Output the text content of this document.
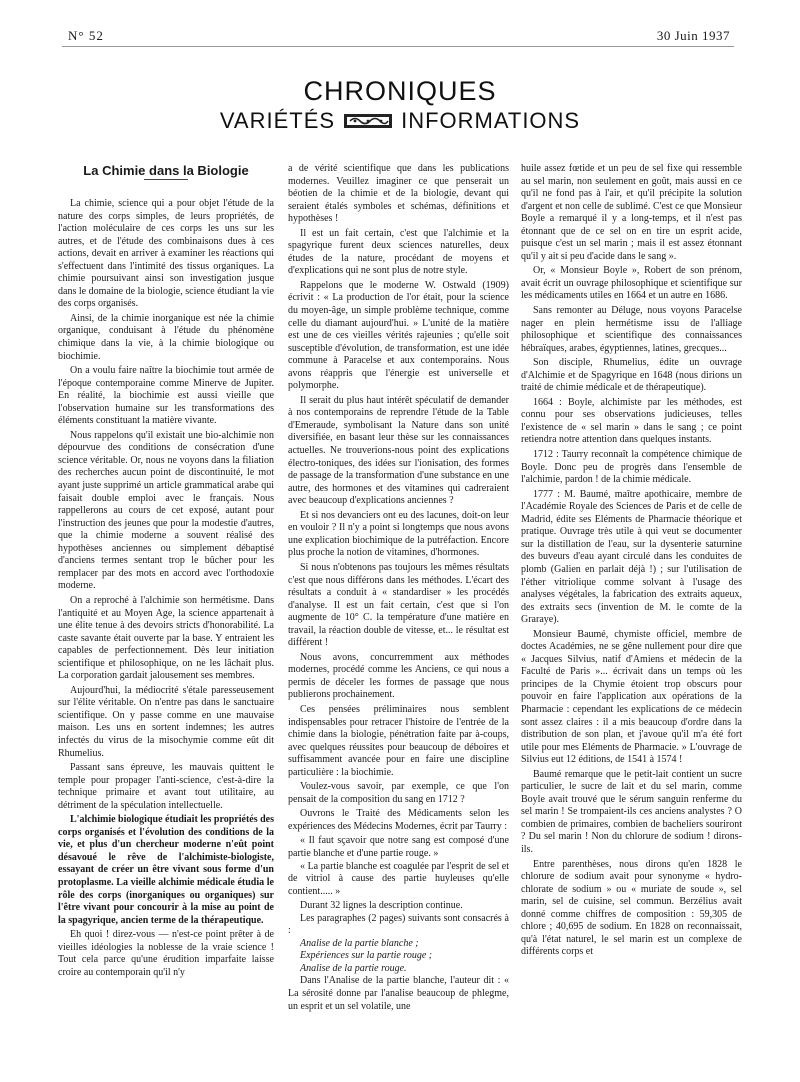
N° 52	30 Juin 1937
CHRONIQUES
VARIÉTÉS	INFORMATIONS

La Chimie dans la Biologie

La chimie, science qui a pour objet l'étude de la nature des corps simples, de leurs propriétés, de l'action moléculaire de ces corps les uns sur les autres, et de l'étude des combinaisons dues à ces actions, devait en arriver à examiner les réactions qui s'effectuent dans l'intimité des tissus organiques. La chimie poursuivant ainsi son investigation jusque dans le domaine de la biologie, science étudiant la vie des corps organisés.

Ainsi, de la chimie inorganique est née la chimie organique, conduisant à l'étude du phénomène chimique dans la vie, à la chimie biologique ou biochimie.

On a voulu faire naître la biochimie tout armée de l'époque contemporaine comme Minerve de Jupiter. En réalité, la biochimie est aussi vieille que l'observation humaine sur les transformations des éléments constituant la matière vivante.

Nous rappelons qu'il existait une bio-alchimie non dépourvue des conditions de consécration d'une science véritable. Or, nous ne voyons dans la filiation des recherches aucun point de discontinuité, le mot ayant juste supprimé un article grammatical arabe qui faisait double emploi avec le français. Nous rappellerons au cours de cet exposé, autant pour l'instruction des jeunes que pour la modestie d'autres, que la chimie moderne a souvent réalisé des hypothèses anciennes ou simplement débaptisé d'anciens termes sentant trop le bûcher pour les remplacer par des mots en accord avec l'orthodoxie moderne.

On a reproché à l'alchimie son hermétisme. Dans l'antiquité et au Moyen Age, la science appartenait à une élite tenue à des devoirs stricts d'honorabilité. La caste savante était ouverte par la base. Y entraient les capables de perfectionnement. Dès leur initiation scientifique et philosophique, on ne les lâchait plus. La corporation gardait jalousement ses membres.

Aujourd'hui, la médiocrité s'étale paresseusement sur l'élite véritable. On n'entre pas dans le sanctuaire scientifique. On y passe comme en une mauvaise maison. Les uns en sortent indemnes; les autres infectés du virus de la misochymie comme eût dit Rhumelius.

Passant sans épreuve, les mauvais quittent le temple pour propager l'anti-science, c'est-à-dire la technique primaire et avant tout utilitaire, au détriment de la spéculation intellectuelle.

L'alchimie biologique étudiait les propriétés des corps organisés et l'évolution des conditions de la vie, et plus d'un chercheur moderne n'eût point désavoué le rêve de l'alchimiste-biologiste, essayant de créer un être vivant sous forme d'un protoplasme. La vieille alchimie médicale étudia le rôle des corps (inorganiques ou organiques) sur l'être vivant pour concourir à la mise au point de la spagyrique, ancien terme de la thérapeutique.

Eh quoi ! direz-vous — n'est-ce point prêter à de vieilles idéologies la noblesse de la vraie science ! Tout cela parce qu'une érudition imparfaite laisse croire au contemporain qu'il n'y

a de vérité scientifique que dans les publications modernes. Veuillez imaginer ce que penserait un béotien de la chimie et de la biologie, devant qui seraient étalés symboles et schémas, définitions et hypothèses !

Il est un fait certain, c'est que l'alchimie et la spagyrique furent deux sciences naturelles, deux études de la nature, procédant de moyens et d'explications qui ne sont plus de notre style.

Rappelons que le moderne W. Ostwald (1909) écrivit : « La production de l'or était, pour la science du moyen-âge, un simple problème technique, comme celle du diamant aujourd'hui. » L'unité de la matière est une de ces vieilles vérités rajeunies ; qu'elle soit susceptible d'évolution, de transformation, est une idée commune à Paracelse et aux contemporains. Nous avons réappris que l'énergie est universelle et polymorphe.

Il serait du plus haut intérêt spéculatif de demander à nos contemporains de reprendre l'étude de la Table d'Emeraude, symbolisant la Nature dans son unité diversifiée, en basant leur thèse sur les connaissances actuelles. Ne trouverions-nous point des explications électro-toniques, des idées sur l'ionisation, des formes de passage de la transformation d'une substance en une autre, des hormones et des vitamines qui cadreraient avec beaucoup d'explications anciennes ?

Et si nos devanciers ont eu des lacunes, doit-on leur en vouloir ? Il n'y a point si longtemps que nous avons une explication biochimique de la putréfaction. Encore plus proche la notion de vitamines, d'hormones.

Si nous n'obtenons pas toujours les mêmes résultats c'est que nous différons dans les méthodes. L'écart des résultats a conduit à « standardiser » les procédés d'analyse. Il est un fait certain, c'est que si l'on augmente de 10° C. la température d'une matière en travail, la réaction double de vitesse, et... le résultat est différent !

Nous avons, concurremment aux méthodes modernes, procédé comme les Anciens, ce qui nous a permis de déceler les formes de passage que nous publierons prochainement.

Ces pensées préliminaires nous semblent indispensables pour retracer l'histoire de l'entrée de la chimie dans la biologie, pénétration faite par à-coups, avec quelques réussites pour beaucoup de déboires et suffisamment avancée pour en faire une discipline particulière : la biochimie.

Voulez-vous savoir, par exemple, ce que l'on pensait de la composition du sang en 1712 ?

Ouvrons le Traité des Médicaments selon les expériences des Médecins Modernes, écrit par Taurry :

« Il faut sçavoir que notre sang est composé d'une partie blanche et d'une partie rouge. »

« La partie blanche est coagulée par l'esprit de sel et de vitriol à cause des partie huyleuses qu'elle contient..... »

Durant 32 lignes la description continue.

Les paragraphes (2 pages) suivants sont consacrés à :

Analise de la partie blanche ;

Expériences sur la partie rouge ;

Analise de la partie rouge.

Dans l'Analise de la partie blanche, l'auteur dit : « La sérosité donne par l'analise beaucoup de phlegme, un esprit et un sel volatile, une

huile assez fœtide et un peu de sel fixe qui ressemble au sel marin, non seulement en goût, mais aussi en ce qu'il ne fond pas à l'air, et qu'il précipite la solution d'argent et non celle de sublimé. C'est ce que Monsieur Boyle a remarqué il y a long-temps, et il n'est pas étonnant que de ce sel on en tire un esprit acide, puisque c'est un sel marin ; mais il est assez étonnant qu'il y ait si peu d'acide dans le sang ».

Or, « Monsieur Boyle », Robert de son prénom, avait écrit un ouvrage philosophique et scientifique sur les médicaments utiles en 1664 et un autre en 1686.

Sans remonter au Déluge, nous voyons Paracelse nager en plein hermétisme issu de l'alliage philosophique et scientifique des connaissances hébraïques, arabes, égyptiennes, latines, grecques...

Son disciple, Rhumelius, édite un ouvrage d'Alchimie et de Spagyrique en 1648 (nous dirions un traité de chimie médicale et de thérapeutique).

1664 : Boyle, alchimiste par les méthodes, est connu pour ses observations judicieuses, telles l'existence de « sel marin » dans le sang ; ce point retiendra notre attention dans quelques instants.

1712 : Taurry reconnaît la compétence chimique de Boyle. Donc peu de progrès dans l'ensemble de l'alchimie, pardon ! de la chimie médicale.

1777 : M. Baumé, maître apothicaire, membre de l'Académie Royale des Sciences de Paris et de celle de Madrid, édite ses Eléments de Pharmacie théorique et pratique. Ouvrage très utile à qui veut se documenter sur la distillation de l'eau, sur la dysenterie saturnine des buveurs d'eau ayant circulé dans les conduites de plomb (Galien en parlait déjà !) ; sur l'utilisation de l'éther vitriolique comme solvant à l'usage des analyses végétales, la fabrication des extraits aqueux, des extraits secs (invention de M. le comte de la Graraye).

Monsieur Baumé, chymiste officiel, membre de doctes Académies, ne se gêne nullement pour dire que « Jacques Silvius, natif d'Amiens et médecin de la Faculté de Paris »... écrivait dans un temps où les principes de la Chymie étoient trop obscurs pour pouvoir en faire l'application aux opérations de la Pharmacie : cependant les explications de ce médecin sont assez claires : il a mis beaucoup d'ordre dans la distribution de son plan, et j'avoue qu'il m'a été fort utile pour mes Eléments de Pharmacie. » L'ouvrage de Silvius eut 12 éditions, de 1541 à 1574 !

Baumé remarque que le petit-lait contient un sucre particulier, le sucre de lait et du sel marin, comme Boyle avait trouvé que le sérum sanguin renferme du sel marin ! Se trompaient-ils ces anciens analystes ? O combien de primaires, combien de bacheliers souriront ? Du sel marin ! Non du chlorure de sodium ! dirons-ils.

Entre parenthèses, nous dirons qu'en 1828 le chlorure de sodium avait pour synonyme « hydro-chlorate de sodium » ou « muriate de soude », sel marin, sel de cuisine, sel commun. Berzélius avait donné comme chiffres de composition : 59,305 de chlore ; 40,695 de sodium. En 1828 on reconnaissait, qu'à l'état naturel, le sel marin est un complexe de différents corps et
